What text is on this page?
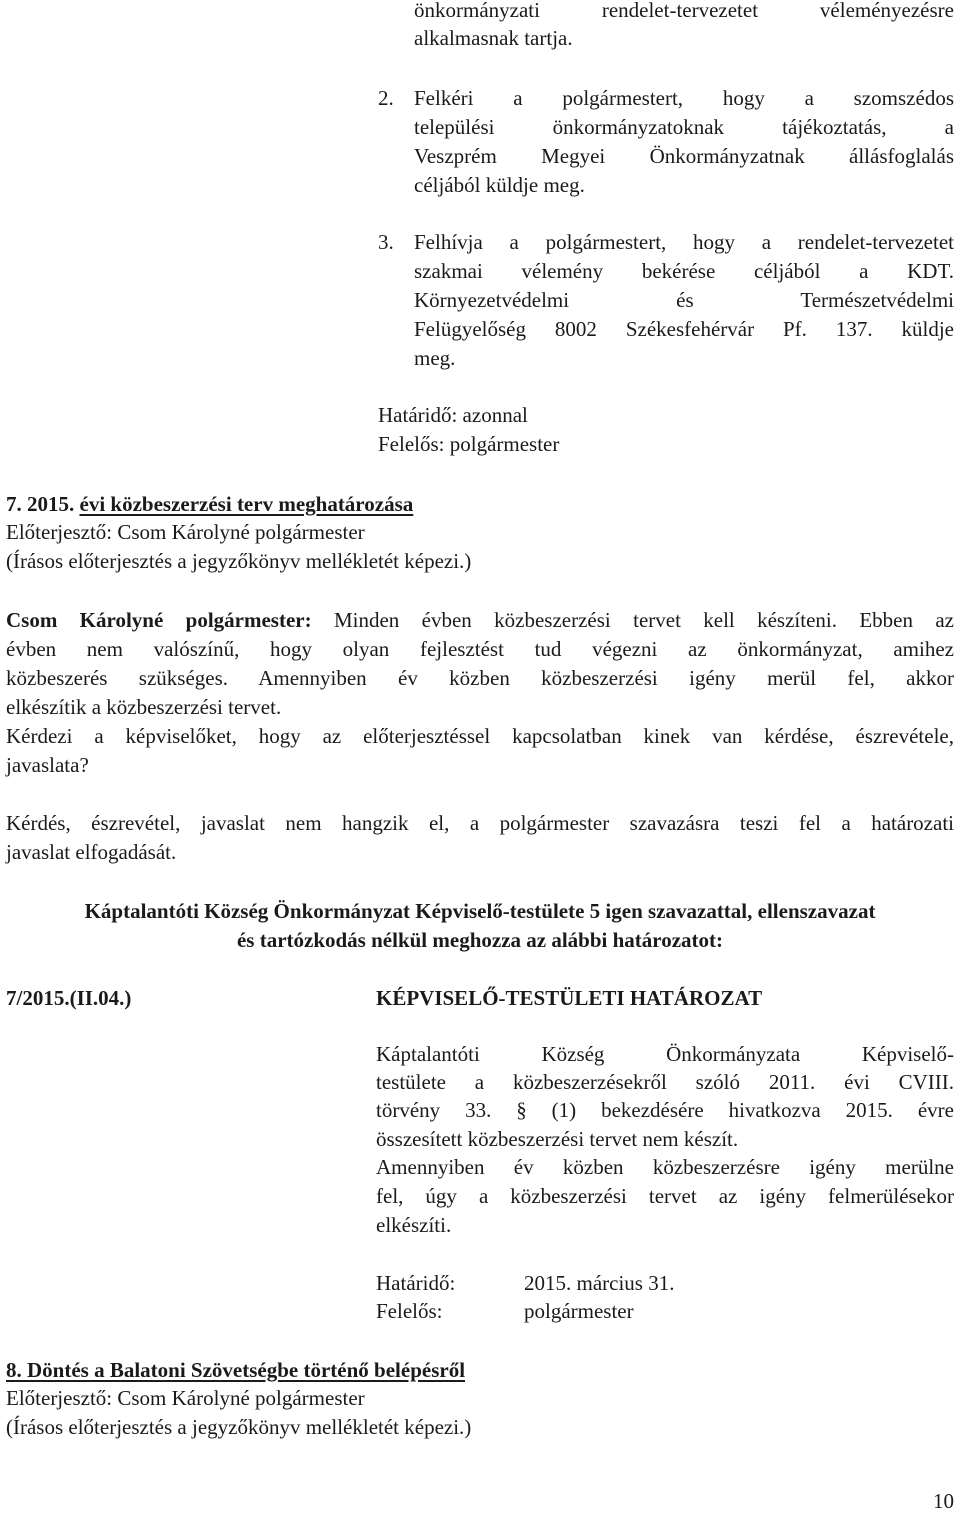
önkormányzati rendelet-tervezetet véleményezésre
alkalmasnak tartja.
2. Felkéri a polgármestert, hogy a szomszédos
települési önkormányzatoknak tájékoztatás, a
Veszprém Megyei Önkormányzatnak állásfoglalás
céljából küldje meg.
3. Felhívja a polgármestert, hogy a rendelet-tervezetet
szakmai vélemény bekérése céljából a KDT.
Környezetvédelmi és Természetvédelmi
Felügyelőség 8002 Székesfehérvár Pf. 137. küldje
meg.
Határidő: azonnal
Felelős: polgármester
7. 2015. évi közbeszerzési terv meghatározása
Előterjesztő: Csom Károlyné polgármester
(Írásos előterjesztés a jegyzőkönyv mellékletét képezi.)
Csom Károlyné polgármester: Minden évben közbeszerzési tervet kell készíteni. Ebben az
évben nem valószínű, hogy olyan fejlesztést tud végezni az önkormányzat, amihez
közbeszerés szükséges. Amennyiben év közben közbeszerzési igény merül fel, akkor
elkészítik a közbeszerzési tervet.
Kérdezi a képviselőket, hogy az előterjesztéssel kapcsolatban kinek van kérdése, észrevétele,
javaslata?
Kérdés, észrevétel, javaslat nem hangzik el, a polgármester szavazásra teszi fel a határozati
javaslat elfogadását.
Káptalantóti Község Önkormányzat Képviselő-testülete 5 igen szavazattal, ellenszavazat
és tartózkodás nélkül meghozza az alábbi határozatot:
7/2015.(II.04.)	KÉPVISELŐ-TESTÜLETI HATÁROZAT
Káptalantóti Község Önkormányzata Képviselő-
testülete a közbeszerzésekről szóló 2011. évi CVIII.
törvény 33. § (1) bekezdésére hivatkozva 2015. évre
összesített közbeszerzési tervet nem készít.
Amennyiben év közben közbeszerzésre igény merülne
fel, úgy a közbeszerzési tervet az igény felmerülésekor
elkészíti.
Határidő:	2015. március 31.
Felelős:	polgármester
8. Döntés a Balatoni Szövetségbe történő belépésről
Előterjesztő: Csom Károlyné polgármester
(Írásos előterjesztés a jegyzőkönyv mellékletét képezi.)
10
